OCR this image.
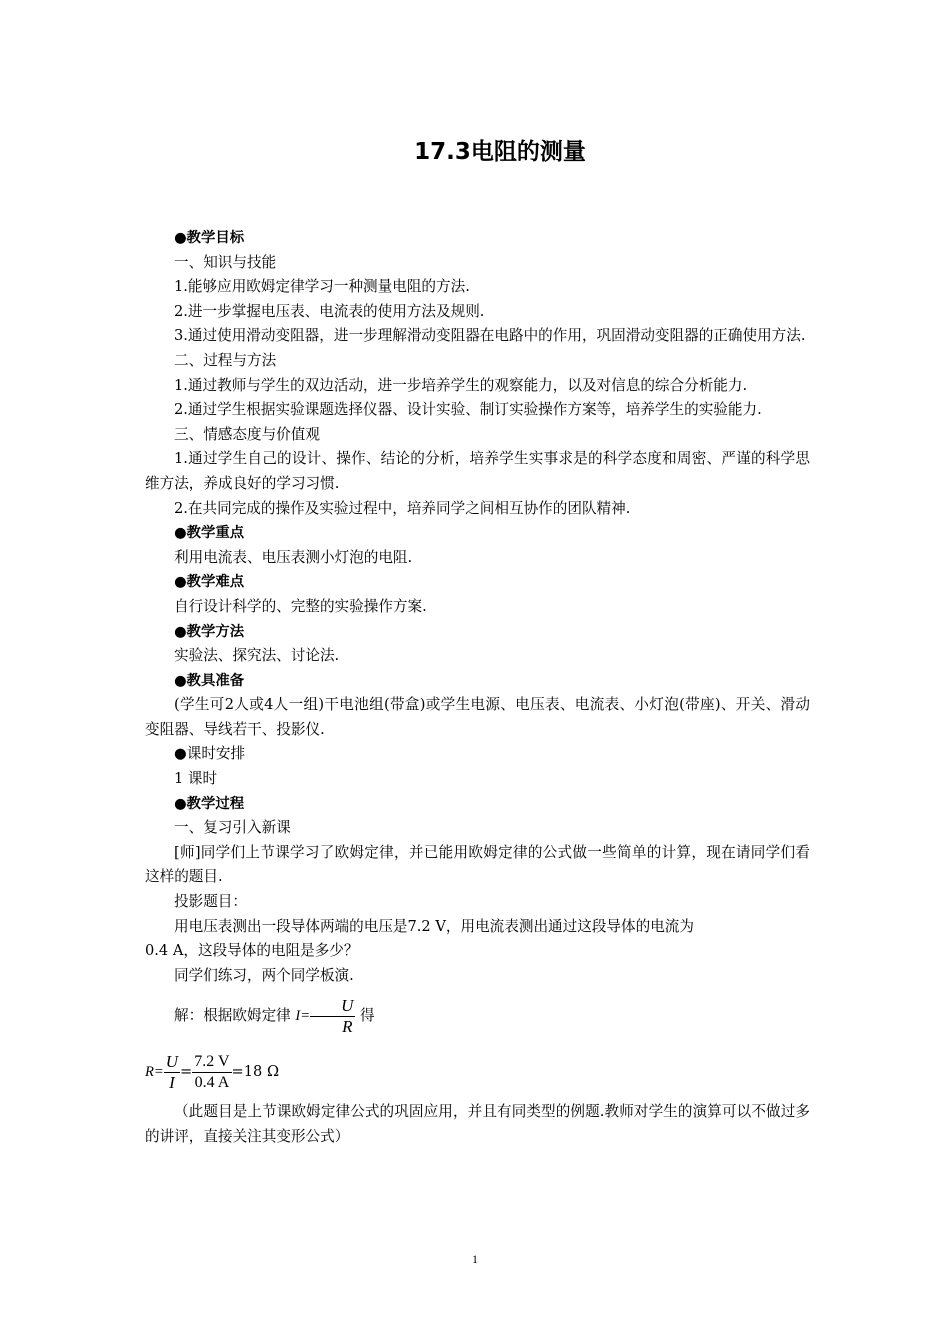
17.3电阻的测量
●教学目标
一、知识与技能
1.能够应用欧姆定律学习一种测量电阻的方法.
2.进一步掌握电压表、电流表的使用方法及规则.
3.通过使用滑动变阻器，进一步理解滑动变阻器在电路中的作用，巩固滑动变阻器的正确使用方法.
二、过程与方法
1.通过教师与学生的双边活动，进一步培养学生的观察能力，以及对信息的综合分析能力.
2.通过学生根据实验课题选择仪器、设计实验、制订实验操作方案等，培养学生的实验能力.
三、情感态度与价值观
1.通过学生自己的设计、操作、结论的分析，培养学生实事求是的科学态度和周密、严谨的科学思维方法，养成良好的学习习惯.
2.在共同完成的操作及实验过程中，培养同学之间相互协作的团队精神.
●教学重点
利用电流表、电压表测小灯泡的电阻.
●教学难点
自行设计科学的、完整的实验操作方案.
●教学方法
实验法、探究法、讨论法.
●教具准备
(学生可2人或4人一组)干电池组(带盒)或学生电源、电压表、电流表、小灯泡(带座)、开关、滑动变阻器、导线若干、投影仪.
●课时安排
1 课时
●教学过程
一、复习引入新课
[师]同学们上节课学习了欧姆定律，并已能用欧姆定律的公式做一些简单的计算，现在请同学们看这样的题目.
投影题目：
用电压表测出一段导体两端的电压是7.2 V，用电流表测出通过这段导体的电流为
0.4 A，这段导体的电阻是多少？
同学们练习，两个同学板演.
解：根据欧姆定律 $I= \frac{U}{R}$ 得
$R= \frac{U}{I} = \frac{7.2 V}{0.4 A} =18$ Ω
（此题目是上节课欧姆定律公式的巩固应用，并且有同类型的例题.教师对学生的演算可以不做过多的讲评，直接关注其变形公式）
1
